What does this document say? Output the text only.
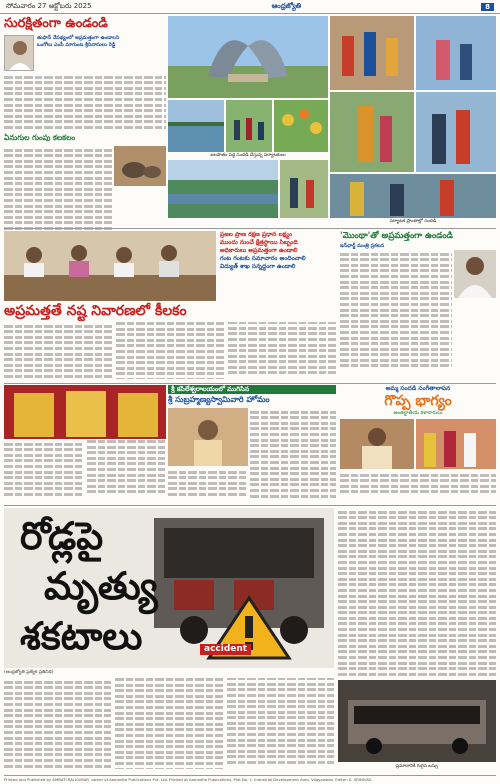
సోమవారం 27 అక్టోబరు 2025	ఆంధ్రజ్యోతి	8
సురక్షితంగా ఉండండి
తుఫాన్ నేపథ్యంలో అప్రమత్తంగా ఉండాలని
ఒంగోలు ఎంపీ మాగుంట శ్రీనివాసులు రెడ్డి
ఏనుగుల గుంపు కలకలం
జలపాతం వద్ద సందడి చేస్తున్న పర్యాటకులు
పర్యాటక ప్రాంతాల్లో సందడి
ప్రజల ప్రాణ రక్షణ ప్రధాన లక్ష్యం
ముందు నుంచే క్షేత్రస్థాయి సిబ్బంది
అధికారులు అప్రమత్తంగా ఉండాలి
గంట గంటకు సమాచారం అందించాలి
విద్యుత్ శాఖ సన్నద్ధంగా ఉండాలి
అప్రమత్తతే నష్ట నివారణలో కీలకం
'మొంథా'తో అప్రమత్తంగా ఉండండి
ఇన్‌ఛార్జ్ మంత్రి ప్రకటన
శ్రీ కపిలేశ్వరాలయంలో ముగిసిన
శ్రీ సుబ్రహ్మణ్యస్వామివారి హోమం
అమ్మ సందడి సంగీతాలాపన
గొప్ప భాగ్యం
అంతర్జాతీయ కళాకారులు
రోడ్లపై
మృత్యు
శకటాలు	accident
(ఆంధ్రజ్యోతి ప్రత్యేక ప్రతినిధి)
ప్రమాదానికి గురైన బస్సు
Printed and Published by AMBATI RAJ KUMAR, owner of Aamodha Publications Pvt. Ltd. Printed at Aamodha Publications, Plot No. 1, Industrial Development Area, Vijayawada. Editor: K. SRINIVAS.
